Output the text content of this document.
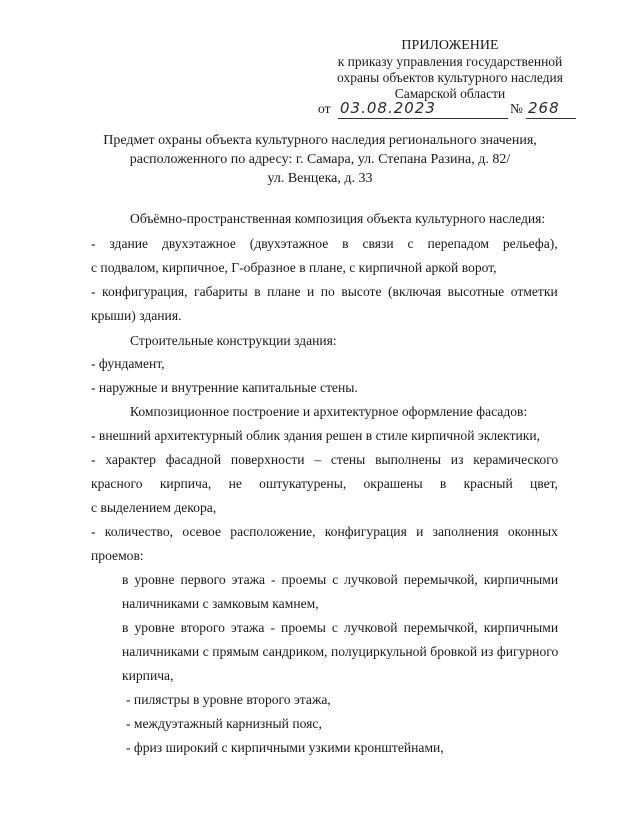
ПРИЛОЖЕНИЕ
к приказу управления государственной
охраны объектов культурного наследия
Самарской области
от 03.08.2023	№ 268
Предмет охраны объекта культурного наследия регионального значения,
расположенного по адресу: г. Самара, ул. Степана Разина, д. 82/
ул. Венцека, д. 33
Объёмно-пространственная композиция объекта культурного наследия:
- здание двухэтажное (двухэтажное в связи с перепадом рельефа),
с подвалом, кирпичное, Г-образное в плане, с кирпичной аркой ворот,
- конфигурация, габариты в плане и по высоте (включая высотные отметки
крыши) здания.
Строительные конструкции здания:
- фундамент,
- наружные и внутренние капитальные стены.
Композиционное построение и архитектурное оформление фасадов:
- внешний архитектурный облик здания решен в стиле кирпичной эклектики,
- характер фасадной поверхности – стены выполнены из керамического
красного кирпича, не оштукатурены, окрашены в красный цвет,
с выделением декора,
- количество, осевое расположение, конфигурация и заполнения оконных
проемов:
в уровне первого этажа - проемы с лучковой перемычкой, кирпичными
наличниками с замковым камнем,
в уровне второго этажа - проемы с лучковой перемычкой, кирпичными
наличниками с прямым сандриком, полуциркульной бровкой из фигурного
кирпича,
- пилястры в уровне второго этажа,
- междуэтажный карнизный пояс,
- фриз широкий с кирпичными узкими кронштейнами,
